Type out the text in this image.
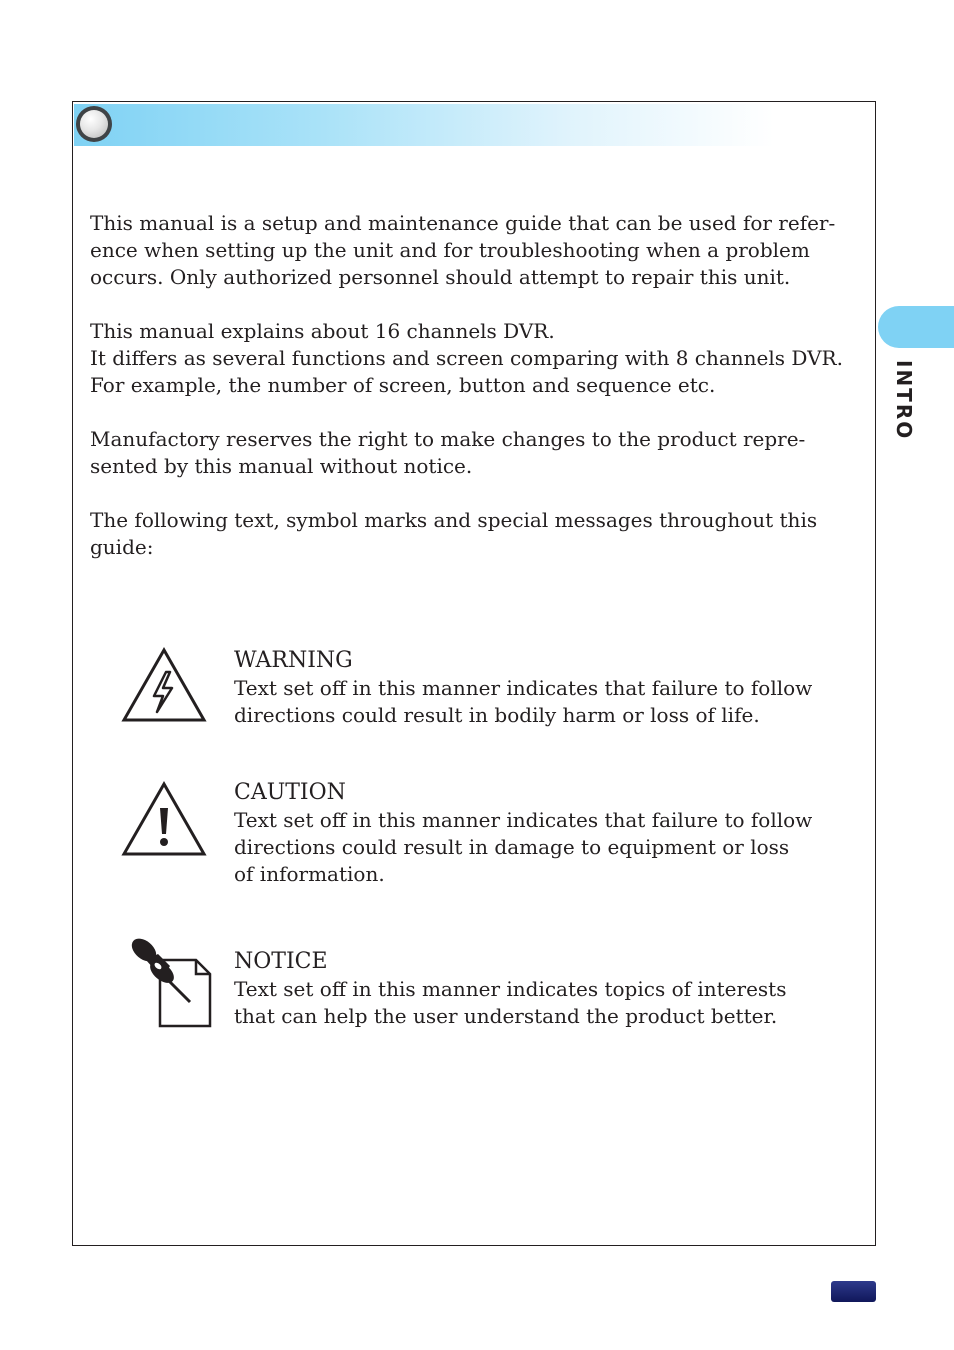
INTRO

This manual is a setup and maintenance guide that can be used for refer-
ence when setting up the unit and for troubleshooting when a problem
occurs. Only authorized personnel should attempt to repair this unit.

This manual explains about 16 channels DVR.
It differs as several functions and screen comparing with 8 channels DVR.
For example, the number of screen, button and sequence etc.

Manufactory reserves the right to make changes to the product repre-
sented by this manual without notice.

The following text, symbol marks and special messages throughout this
guide:

WARNING
Text set off in this manner indicates that failure to follow
directions could result in bodily harm or loss of life.
CAUTION
Text set off in this manner indicates that failure to follow
directions could result in damage to equipment or loss
of information.
NOTICE
Text set off in this manner indicates topics of interests
that can help the user understand the product better.
